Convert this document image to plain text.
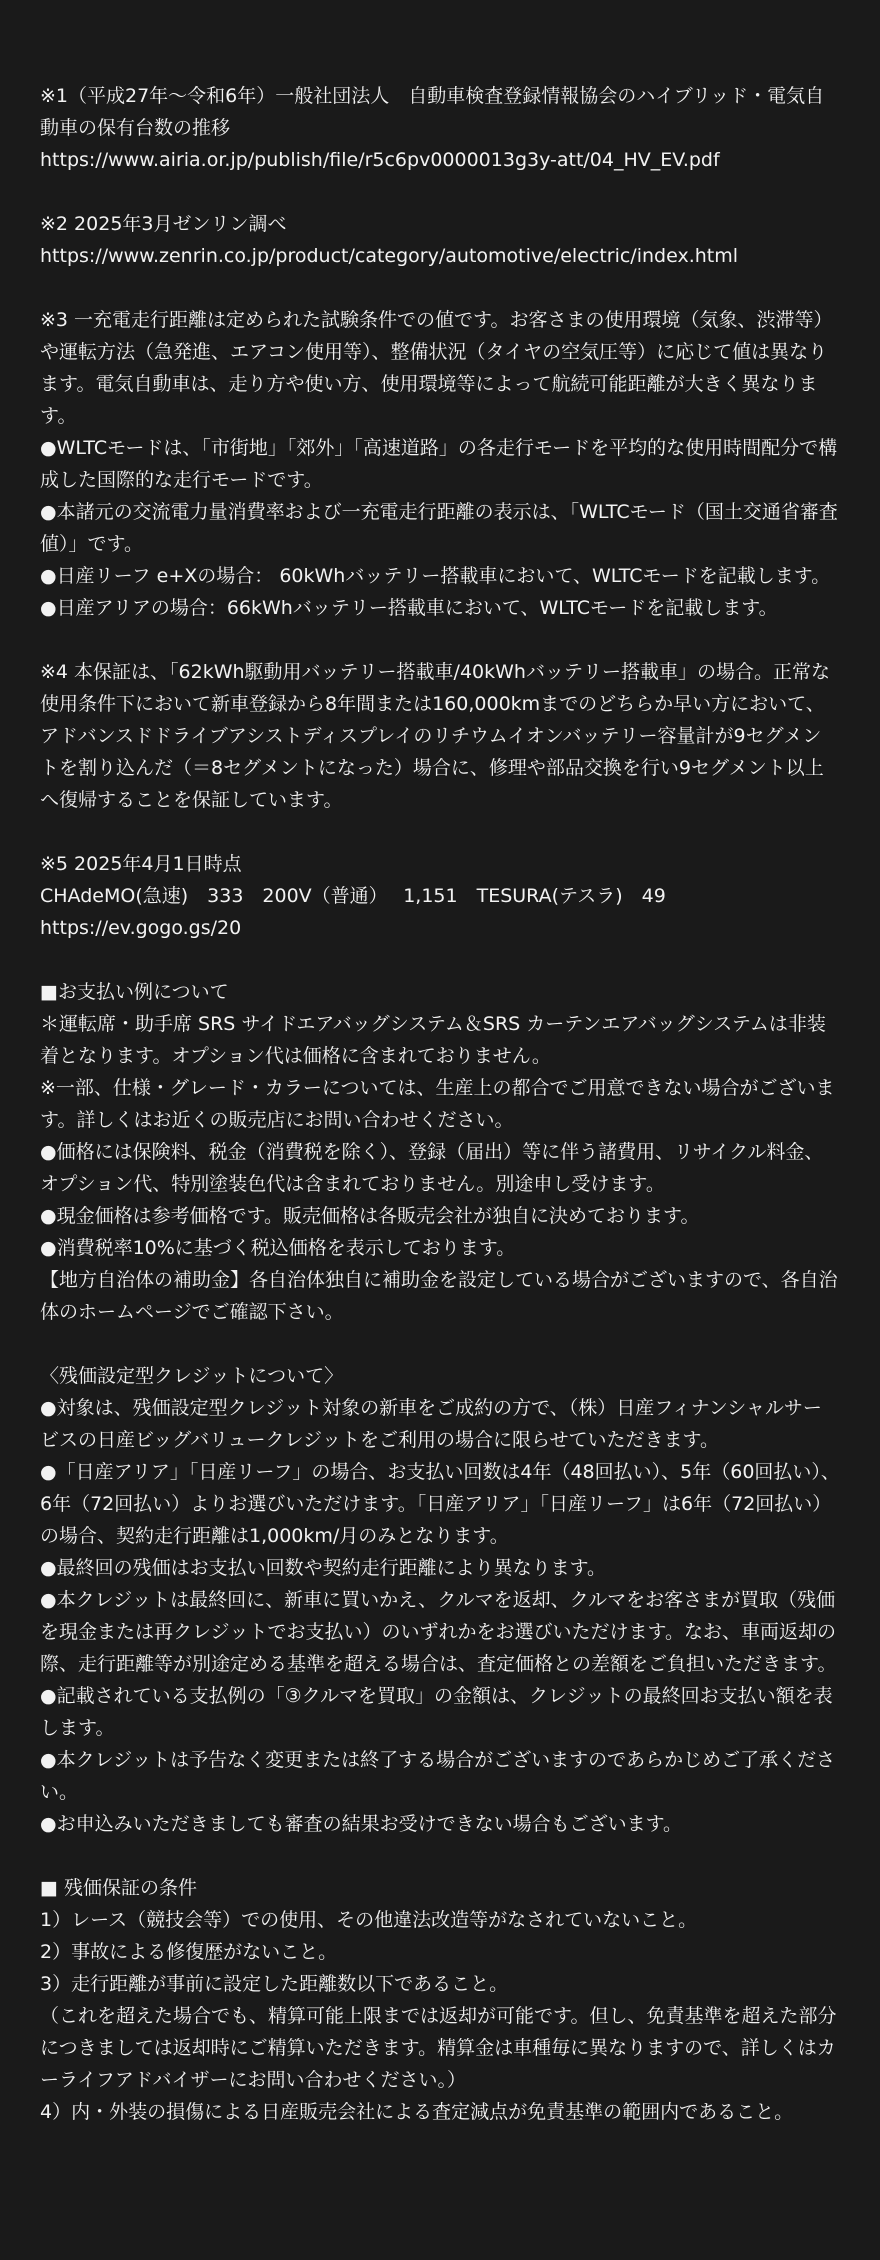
※1（平成27年〜令和6年）一般社団法人　自動車検査登録情報協会のハイブリッド・電気自動車の保有台数の推移
https://www.airia.or.jp/publish/file/r5c6pv0000013g3y-att/04_HV_EV.pdf
※2 2025年3月ゼンリン調べ
https://www.zenrin.co.jp/product/category/automotive/electric/index.html
※3 一充電走行距離は定められた試験条件での値です。お客さまの使用環境（気象、渋滞等）や運転方法（急発進、エアコン使用等）、整備状況（タイヤの空気圧等）に応じて値は異なります。電気自動車は、走り方や使い方、使用環境等によって航続可能距離が大きく異なります。
●WLTCモードは、「市街地」「郊外」「高速道路」の各走行モードを平均的な使用時間配分で構成した国際的な走行モードです。
●本諸元の交流電力量消費率および一充電走行距離の表示は、「WLTCモード（国土交通省審査値）」です。
●日産リーフ e+Xの場合： 60kWhバッテリー搭載車において、WLTCモードを記載します。
●日産アリアの場合：66kWhバッテリー搭載車において、WLTCモードを記載します。
※4 本保証は、「62kWh駆動用バッテリー搭載車/40kWhバッテリー搭載車」の場合。正常な使用条件下において新車登録から8年間または160,000kmまでのどちらか早い方において、アドバンスドドライブアシストディスプレイのリチウムイオンバッテリー容量計が9セグメントを割り込んだ（＝8セグメントになった）場合に、修理や部品交換を行い9セグメント以上へ復帰することを保証しています。
※5 2025年4月1日時点
CHAdeMO(急速)　333　200V（普通）　 1,151　TESURA(テスラ)　49
https://ev.gogo.gs/20
■お支払い例について
＊運転席・助手席 SRS サイドエアバッグシステム＆SRS カーテンエアバッグシステムは非装着となります。オプション代は価格に含まれておりません。
※一部、仕様・グレード・カラーについては、生産上の都合でご用意できない場合がございます。詳しくはお近くの販売店にお問い合わせください。
●価格には保険料、税金（消費税を除く）、登録（届出）等に伴う諸費用、リサイクル料金、オプション代、特別塗装色代は含まれておりません。別途申し受けます。
●現金価格は参考価格です。販売価格は各販売会社が独自に決めております。
●消費税率10%に基づく税込価格を表示しております。
【地方自治体の補助金】各自治体独自に補助金を設定している場合がございますので、各自治体のホームページでご確認下さい。
〈残価設定型クレジットについて〉
●対象は、残価設定型クレジット対象の新車をご成約の方で、（株）日産フィナンシャルサービスの日産ビッグバリュークレジットをご利用の場合に限らせていただきます。
●「日産アリア」「日産リーフ」の場合、お支払い回数は4年（48回払い）、5年（60回払い）、6年（72回払い）よりお選びいただけます。「日産アリア」「日産リーフ」は6年（72回払い）の場合、契約走行距離は1,000km/月のみとなります。
●最終回の残価はお支払い回数や契約走行距離により異なります。
●本クレジットは最終回に、新車に買いかえ、クルマを返却、クルマをお客さまが買取（残価を現金または再クレジットでお支払い）のいずれかをお選びいただけます。なお、車両返却の際、走行距離等が別途定める基準を超える場合は、査定価格との差額をご負担いただきます。
●記載されている支払例の「③クルマを買取」の金額は、クレジットの最終回お支払い額を表します。
●本クレジットは予告なく変更または終了する場合がございますのであらかじめご了承ください。
●お申込みいただきましても審査の結果お受けできない場合もございます。
■ 残価保証の条件
1）レース（競技会等）での使用、その他違法改造等がなされていないこと。
2）事故による修復歴がないこと。
3）走行距離が事前に設定した距離数以下であること。
（これを超えた場合でも、精算可能上限までは返却が可能です。但し、免責基準を超えた部分につきましては返却時にご精算いただきます。精算金は車種毎に異なりますので、詳しくはカーライフアドバイザーにお問い合わせください。）
4）内・外装の損傷による日産販売会社による査定減点が免責基準の範囲内であること。
